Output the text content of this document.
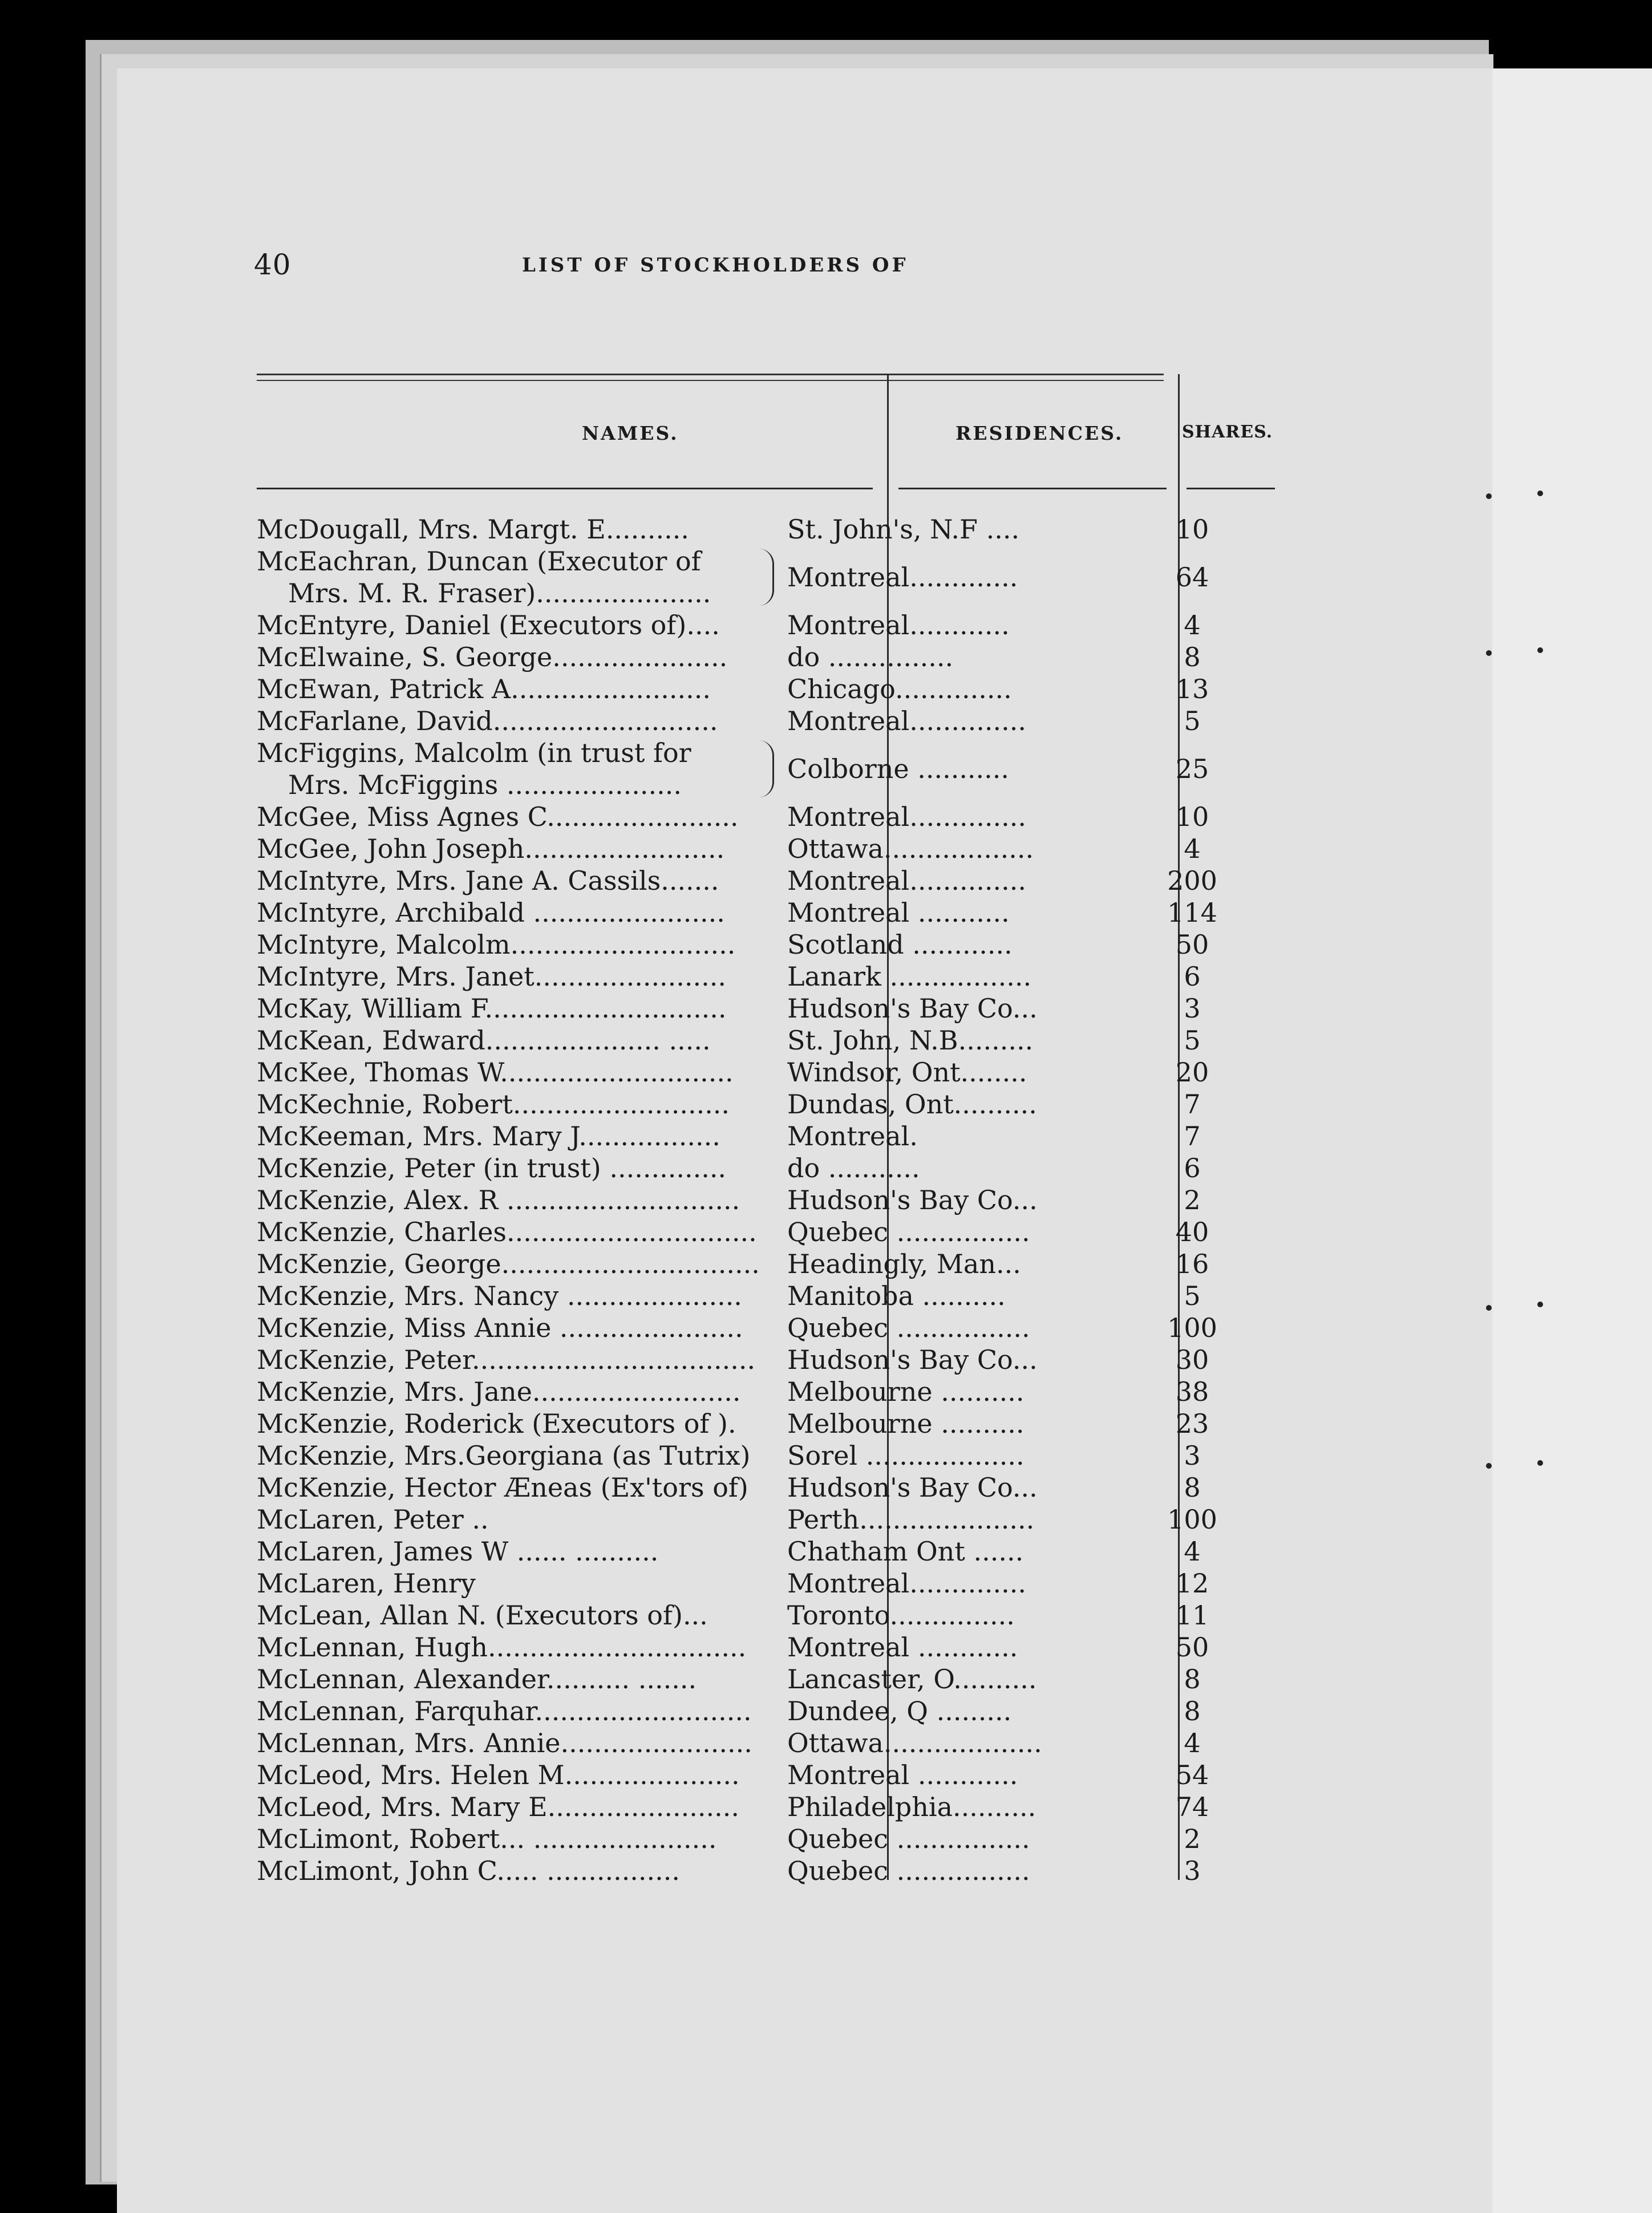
40	LIST OF STOCKHOLDERS OF
NAMES.	RESIDENCES.	SHARES.
McDougall, Mrs. Margt. E..........	St. John's, N.F ....	10
McEachran, Duncan (Executor of
Mrs. M. R. Fraser).....................
Montreal.............	64
McEntyre, Daniel (Executors of)....	Montreal............	4
McElwaine, S. George.....................	do ...............	8
McEwan, Patrick A........................	Chicago..............	13
McFarlane, David...........................	Montreal..............	5
McFiggins, Malcolm (in trust for
Mrs. McFiggins .....................
Colborne ...........	25
McGee, Miss Agnes C.......................	Montreal..............	10
McGee, John Joseph........................	Ottawa..................	4
McIntyre, Mrs. Jane A. Cassils.......	Montreal..............	200
McIntyre, Archibald .......................	Montreal ...........	114
McIntyre, Malcolm...........................	Scotland ............	50
McIntyre, Mrs. Janet.......................	Lanark .................	6
McKay, William F.............................	Hudson's Bay Co...	3
McKean, Edward..................... .....	St. John, N.B.........	5
McKee, Thomas W............................	Windsor, Ont........	20
McKechnie, Robert..........................	Dundas, Ont..........	7
McKeeman, Mrs. Mary J.................	Montreal.	7
McKenzie, Peter (in trust) ..............	do ...........	6
McKenzie, Alex. R ............................	Hudson's Bay Co...	2
McKenzie, Charles.............................. Quebec ................	40
McKenzie, George............................... Headingly, Man...	16
McKenzie, Mrs. Nancy .....................	Manitoba ..........	5
McKenzie, Miss Annie ......................	Quebec ................	100
McKenzie, Peter..................................	Hudson's Bay Co...	30
McKenzie, Mrs. Jane.........................	Melbourne ..........	38
McKenzie, Roderick (Executors of ).	Melbourne ..........	23
McKenzie, Mrs.Georgiana (as Tutrix)	Sorel ...................	3
McKenzie, Hector Æneas (Ex'tors of)	Hudson's Bay Co...	8
McLaren, Peter ..	Perth.....................	100
McLaren, James W ...... ..........	Chatham Ont ......	4
McLaren, Henry	Montreal..............	12
McLean, Allan N. (Executors of)...	Toronto...............	11
McLennan, Hugh...............................	Montreal ............	50
McLennan, Alexander.......... .......	Lancaster, O..........	8
McLennan, Farquhar..........................	Dundee, Q .........	8
McLennan, Mrs. Annie.......................	Ottawa...................	4
McLeod, Mrs. Helen M.....................	Montreal ............	54
McLeod, Mrs. Mary E.......................	Philadelphia..........	74
McLimont, Robert... ......................	Quebec ................	2
McLimont, John C..... ................	Quebec ................	3
